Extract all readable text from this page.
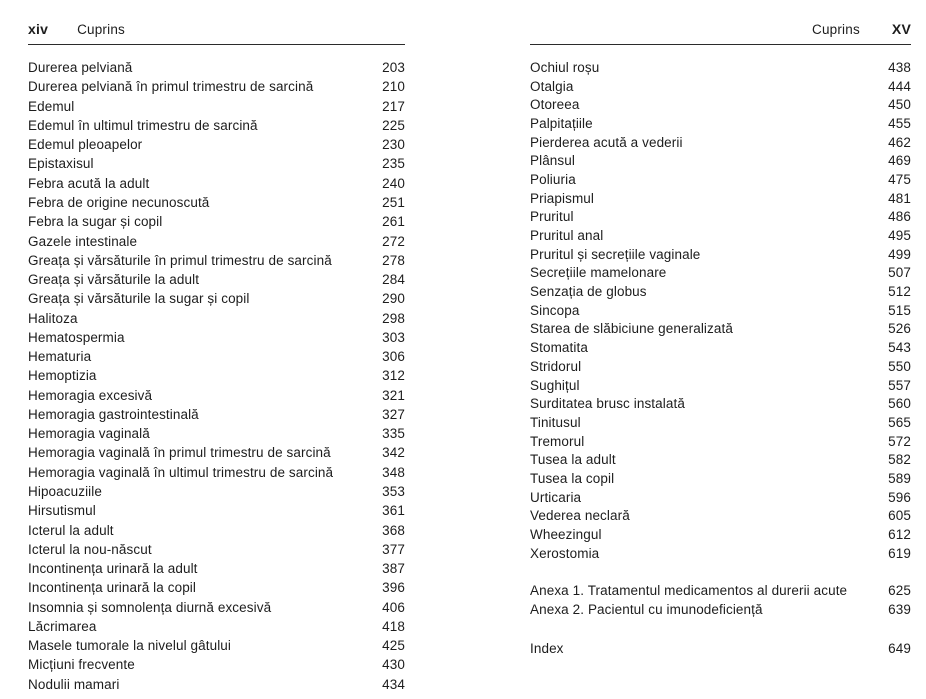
xiv Cuprins
Durerea pelviană	203
Durerea pelviană în primul trimestru de sarcină	210
Edemul	217
Edemul în ultimul trimestru de sarcină	225
Edemul pleoapelor	230
Epistaxisul	235
Febra acută la adult	240
Febra de origine necunoscută	251
Febra la sugar și copil	261
Gazele intestinale	272
Greața și vărsăturile în primul trimestru de sarcină	278
Greața și vărsăturile la adult	284
Greața și vărsăturile la sugar și copil	290
Halitoza	298
Hematospermia	303
Hematuria	306
Hemoptizia	312
Hemoragia excesivă	321
Hemoragia gastrointestinală	327
Hemoragia vaginală	335
Hemoragia vaginală în primul trimestru de sarcină	342
Hemoragia vaginală în ultimul trimestru de sarcină	348
Hipoacuziile	353
Hirsutismul	361
Icterul la adult	368
Icterul la nou-născut	377
Incontinența urinară la adult	387
Incontinența urinară la copil	396
Insomnia și somnolența diurnă excesivă	406
Lăcrimarea	418
Masele tumorale la nivelul gâtului	425
Micțiuni frecvente	430
Nodulii mamari	434
Cuprins XV
Ochiul roșu	438
Otalgia	444
Otoreea	450
Palpitațiile	455
Pierderea acută a vederii	462
Plânsul	469
Poliuria	475
Priapismul	481
Pruritul	486
Pruritul anal	495
Pruritul și secrețiile vaginale	499
Secrețiile mamelonare	507
Senzația de globus	512
Sincopa	515
Starea de slăbiciune generalizată	526
Stomatita	543
Stridorul	550
Sughițul	557
Surditatea brusc instalată	560
Tinitusul	565
Tremorul	572
Tusea la adult	582
Tusea la copil	589
Urticaria	596
Vederea neclară	605
Wheezingul	612
Xerostomia	619
Anexa 1. Tratamentul medicamentos al durerii acute	625
Anexa 2. Pacientul cu imunodeficiență	639
Index	649
